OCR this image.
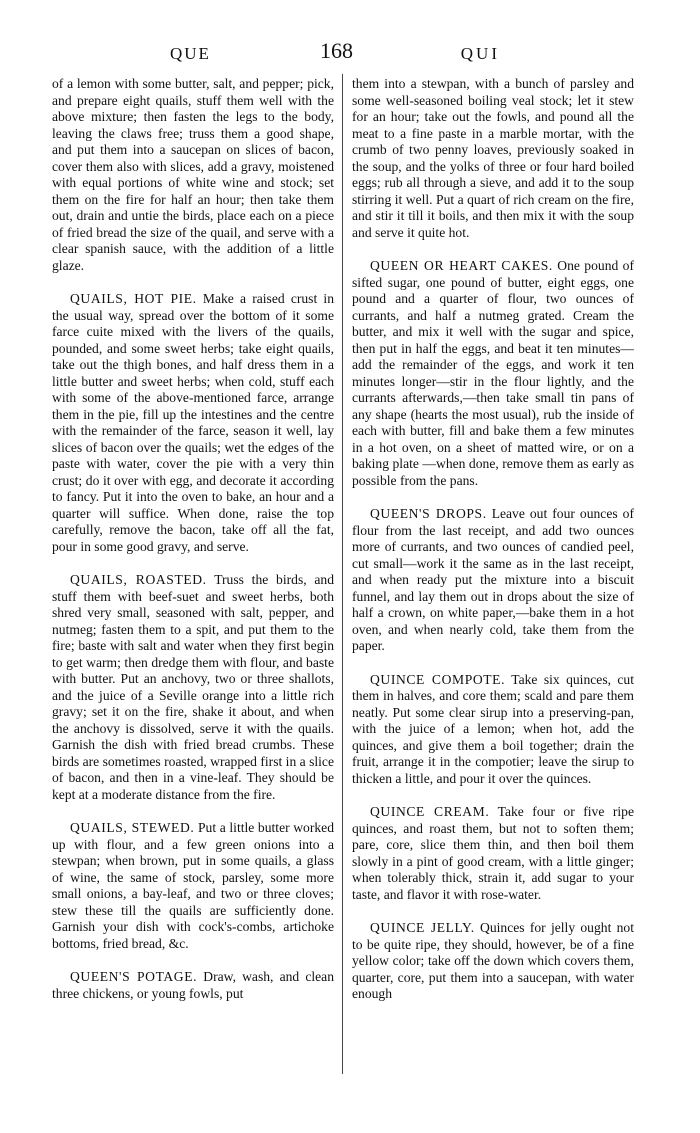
QUE	168	QUI

of a lemon with some butter, salt, and pepper; pick, and prepare eight quails, stuff them well with the above mixture; then fasten the legs to the body, leaving the claws free; truss them a good shape, and put them into a saucepan on slices of bacon, cover them also with slices, add a gravy, moistened with equal portions of white wine and stock; set them on the fire for half an hour; then take them out, drain and untie the birds, place each on a piece of fried bread the size of the quail, and serve with a clear spanish sauce, with the addition of a little glaze.

QUAILS, HOT PIE. Make a raised crust in the usual way, spread over the bottom of it some farce cuite mixed with the livers of the quails, pounded, and some sweet herbs; take eight quails, take out the thigh bones, and half dress them in a little butter and sweet herbs; when cold, stuff each with some of the above-mentioned farce, arrange them in the pie, fill up the intestines and the centre with the remainder of the farce, season it well, lay slices of bacon over the quails; wet the edges of the paste with water, cover the pie with a very thin crust; do it over with egg, and decorate it according to fancy. Put it into the oven to bake, an hour and a quarter will suffice. When done, raise the top carefully, remove the bacon, take off all the fat, pour in some good gravy, and serve.

QUAILS, ROASTED. Truss the birds, and stuff them with beef-suet and sweet herbs, both shred very small, seasoned with salt, pepper, and nutmeg; fasten them to a spit, and put them to the fire; baste with salt and water when they first begin to get warm; then dredge them with flour, and baste with butter. Put an anchovy, two or three shallots, and the juice of a Seville orange into a little rich gravy; set it on the fire, shake it about, and when the anchovy is dissolved, serve it with the quails. Garnish the dish with fried bread crumbs. These birds are sometimes roasted, wrapped first in a slice of bacon, and then in a vine-leaf. They should be kept at a moderate distance from the fire.

QUAILS, STEWED. Put a little butter worked up with flour, and a few green onions into a stewpan; when brown, put in some quails, a glass of wine, the same of stock, parsley, some more small onions, a bay-leaf, and two or three cloves; stew these till the quails are sufficiently done. Garnish your dish with cock's-combs, artichoke bottoms, fried bread, &c.

QUEEN'S POTAGE. Draw, wash, and clean three chickens, or young fowls, put

them into a stewpan, with a bunch of parsley and some well-seasoned boiling veal stock; let it stew for an hour; take out the fowls, and pound all the meat to a fine paste in a marble mortar, with the crumb of two penny loaves, previously soaked in the soup, and the yolks of three or four hard boiled eggs; rub all through a sieve, and add it to the soup stirring it well. Put a quart of rich cream on the fire, and stir it till it boils, and then mix it with the soup and serve it quite hot.

QUEEN OR HEART CAKES. One pound of sifted sugar, one pound of butter, eight eggs, one pound and a quarter of flour, two ounces of currants, and half a nutmeg grated. Cream the butter, and mix it well with the sugar and spice, then put in half the eggs, and beat it ten minutes—add the remainder of the eggs, and work it ten minutes longer—stir in the flour lightly, and the currants afterwards,—then take small tin pans of any shape (hearts the most usual), rub the inside of each with butter, fill and bake them a few minutes in a hot oven, on a sheet of matted wire, or on a baking plate —when done, remove them as early as possible from the pans.

QUEEN'S DROPS. Leave out four ounces of flour from the last receipt, and add two ounces more of currants, and two ounces of candied peel, cut small—work it the same as in the last receipt, and when ready put the mixture into a biscuit funnel, and lay them out in drops about the size of half a crown, on white paper,—bake them in a hot oven, and when nearly cold, take them from the paper.

QUINCE COMPOTE. Take six quinces, cut them in halves, and core them; scald and pare them neatly. Put some clear sirup into a preserving-pan, with the juice of a lemon; when hot, add the quinces, and give them a boil together; drain the fruit, arrange it in the compotier; leave the sirup to thicken a little, and pour it over the quinces.

QUINCE CREAM. Take four or five ripe quinces, and roast them, but not to soften them; pare, core, slice them thin, and then boil them slowly in a pint of good cream, with a little ginger; when tolerably thick, strain it, add sugar to your taste, and flavor it with rose-water.

QUINCE JELLY. Quinces for jelly ought not to be quite ripe, they should, however, be of a fine yellow color; take off the down which covers them, quarter, core, put them into a saucepan, with water enough
